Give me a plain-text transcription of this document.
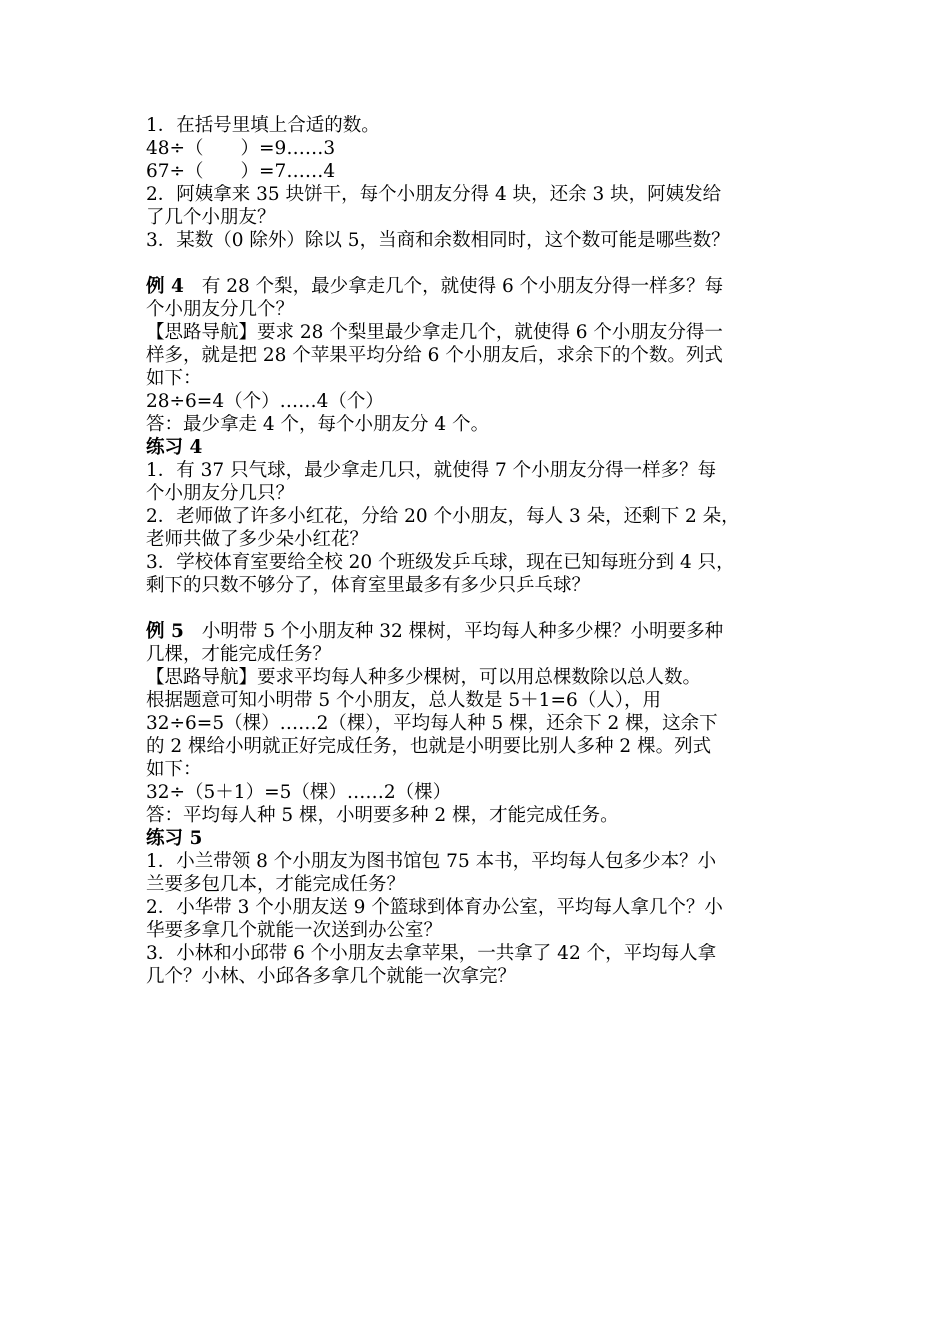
1．在括号里填上合适的数。
48÷（　　）=9……3
67÷（　　）=7……4
2．阿姨拿来 35 块饼干，每个小朋友分得 4 块，还余 3 块，阿姨发给
了几个小朋友？
3．某数（0 除外）除以 5，当商和余数相同时，这个数可能是哪些数？
例 4 有 28 个梨，最少拿走几个，就使得 6 个小朋友分得一样多？每
个小朋友分几个？
【思路导航】要求 28 个梨里最少拿走几个，就使得 6 个小朋友分得一
样多，就是把 28 个苹果平均分给 6 个小朋友后，求余下的个数。列式
如下：
28÷6=4（个）……4（个）
答：最少拿走 4 个，每个小朋友分 4 个。
练习 4
1．有 37 只气球，最少拿走几只，就使得 7 个小朋友分得一样多？每
个小朋友分几只？
2．老师做了许多小红花，分给 20 个小朋友，每人 3 朵，还剩下 2 朵，
老师共做了多少朵小红花？
3．学校体育室要给全校 20 个班级发乒乓球，现在已知每班分到 4 只，
剩下的只数不够分了，体育室里最多有多少只乒乓球？
例 5 小明带 5 个小朋友种 32 棵树，平均每人种多少棵？小明要多种
几棵，才能完成任务？
【思路导航】要求平均每人种多少棵树，可以用总棵数除以总人数。
根据题意可知小明带 5 个小朋友，总人数是 5＋1=6（人），用
32÷6=5（棵）……2（棵），平均每人种 5 棵，还余下 2 棵，这余下
的 2 棵给小明就正好完成任务，也就是小明要比别人多种 2 棵。列式
如下：
32÷（5＋1）=5（棵）……2（棵）
答：平均每人种 5 棵，小明要多种 2 棵，才能完成任务。
练习 5
1．小兰带领 8 个小朋友为图书馆包 75 本书，平均每人包多少本？小
兰要多包几本，才能完成任务？
2．小华带 3 个小朋友送 9 个篮球到体育办公室，平均每人拿几个？小
华要多拿几个就能一次送到办公室？
3．小林和小邱带 6 个小朋友去拿苹果，一共拿了 42 个，平均每人拿
几个？小林、小邱各多拿几个就能一次拿完？
